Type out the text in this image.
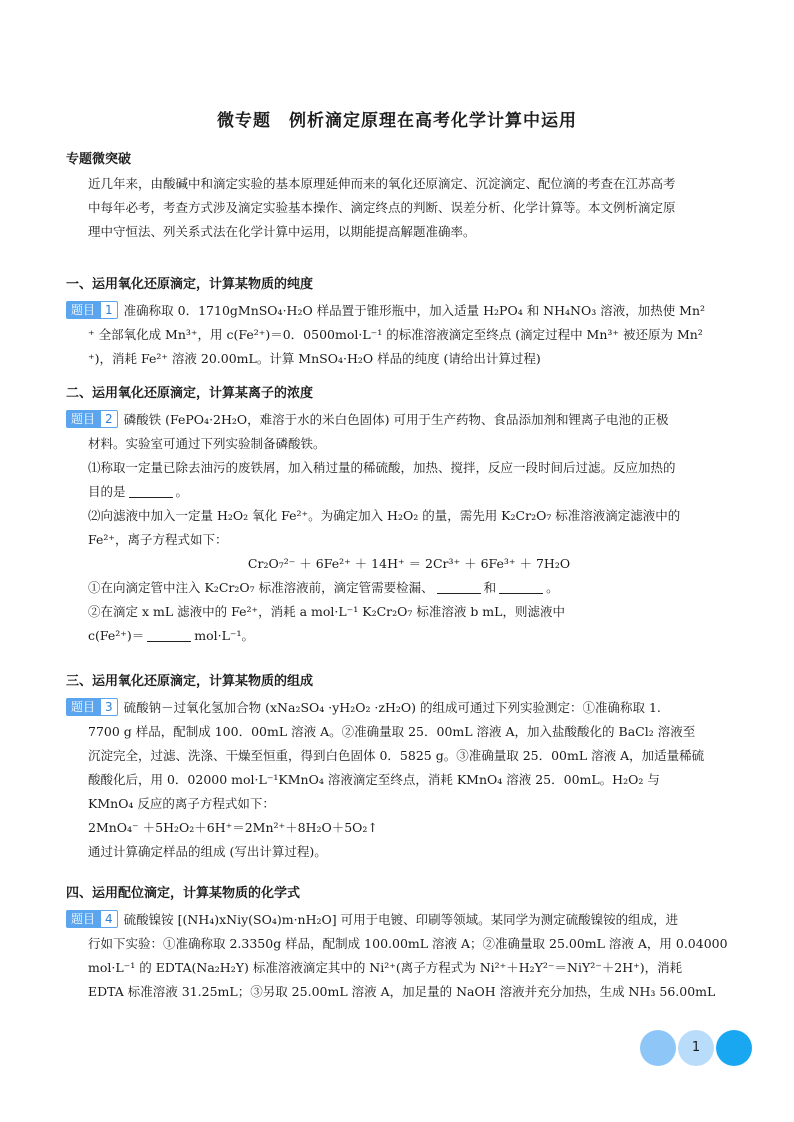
微专题　例析滴定原理在高考化学计算中运用
专题微突破

近几年来，由酸碱中和滴定实验的基本原理延伸而来的氧化还原滴定、沉淀滴定、配位滴的考查在江苏高考

中每年必考，考查方式涉及滴定实验基本操作、滴定终点的判断、误差分析、化学计算等。本文例析滴定原

理中守恒法、列关系式法在化学计算中运用，以期能提高解题准确率。

一、运用氧化还原滴定，计算某物质的纯度
题目 1 准确称取 0．1710gMnSO₄·H₂O 样品置于锥形瓶中，加入适量 H₂PO₄ 和 NH₄NO₃ 溶液，加热使 Mn²
⁺ 全部氧化成 Mn³⁺，用 c(Fe²⁺)＝0．0500mol·L⁻¹ 的标准溶液滴定至终点 (滴定过程中 Mn³⁺ 被还原为 Mn²
⁺)，消耗 Fe²⁺ 溶液 20.00mL。计算 MnSO₄·H₂O 样品的纯度 (请给出计算过程)
二、运用氧化还原滴定，计算某离子的浓度
题目 2 磷酸铁 (FePO₄·2H₂O，难溶于水的米白色固体) 可用于生产药物、食品添加剂和锂离子电池的正极
材料。实验室可通过下列实验制备磷酸铁。
⑴称取一定量已除去油污的废铁屑，加入稍过量的稀硫酸，加热、搅拌，反应一段时间后过滤。反应加热的
目的是	。
⑵向滤液中加入一定量 H₂O₂ 氧化 Fe²⁺。为确定加入 H₂O₂ 的量，需先用 K₂Cr₂O₇ 标准溶液滴定滤液中的
Fe²⁺，离子方程式如下：
Cr₂O₇²⁻ ＋ 6Fe²⁺ ＋ 14H⁺ ＝ 2Cr³⁺ ＋ 6Fe³⁺ ＋ 7H₂O
①在向滴定管中注入 K₂Cr₂O₇ 标准溶液前，滴定管需要检漏、	和	。
②在滴定 x mL 滤液中的 Fe²⁺，消耗 a mol·L⁻¹ K₂Cr₂O₇ 标准溶液 b mL，则滤液中
c(Fe²⁺)＝	mol·L⁻¹。
三、运用氧化还原滴定，计算某物质的组成
题目 3 硫酸钠－过氧化氢加合物 (xNa₂SO₄ ·yH₂O₂ ·zH₂O) 的组成可通过下列实验测定：①准确称取 1.
7700 g 样品，配制成 100．00mL 溶液 A。②准确量取 25．00mL 溶液 A，加入盐酸酸化的 BaCl₂ 溶液至
沉淀完全，过滤、洗涤、干燥至恒重，得到白色固体 0．5825 g。③准确量取 25．00mL 溶液 A，加适量稀硫
酸酸化后，用 0．02000 mol·L⁻¹KMnO₄ 溶液滴定至终点，消耗 KMnO₄ 溶液 25．00mL。H₂O₂ 与
KMnO₄ 反应的离子方程式如下：
2MnO₄⁻ ＋5H₂O₂＋6H⁺＝2Mn²⁺＋8H₂O＋5O₂↑
通过计算确定样品的组成 (写出计算过程)。
四、运用配位滴定，计算某物质的化学式
题目 4 硫酸镍铵 [(NH₄)xNiy(SO₄)m·nH₂O] 可用于电镀、印刷等领域。某同学为测定硫酸镍铵的组成，进
行如下实验：①准确称取 2.3350g 样品，配制成 100.00mL 溶液 A；②准确量取 25.00mL 溶液 A，用 0.04000
mol·L⁻¹ 的 EDTA(Na₂H₂Y) 标准溶液滴定其中的 Ni²⁺(离子方程式为 Ni²⁺＋H₂Y²⁻＝NiY²⁻＋2H⁺)，消耗
EDTA 标准溶液 31.25mL；③另取 25.00mL 溶液 A，加足量的 NaOH 溶液并充分加热，生成 NH₃ 56.00mL
1
